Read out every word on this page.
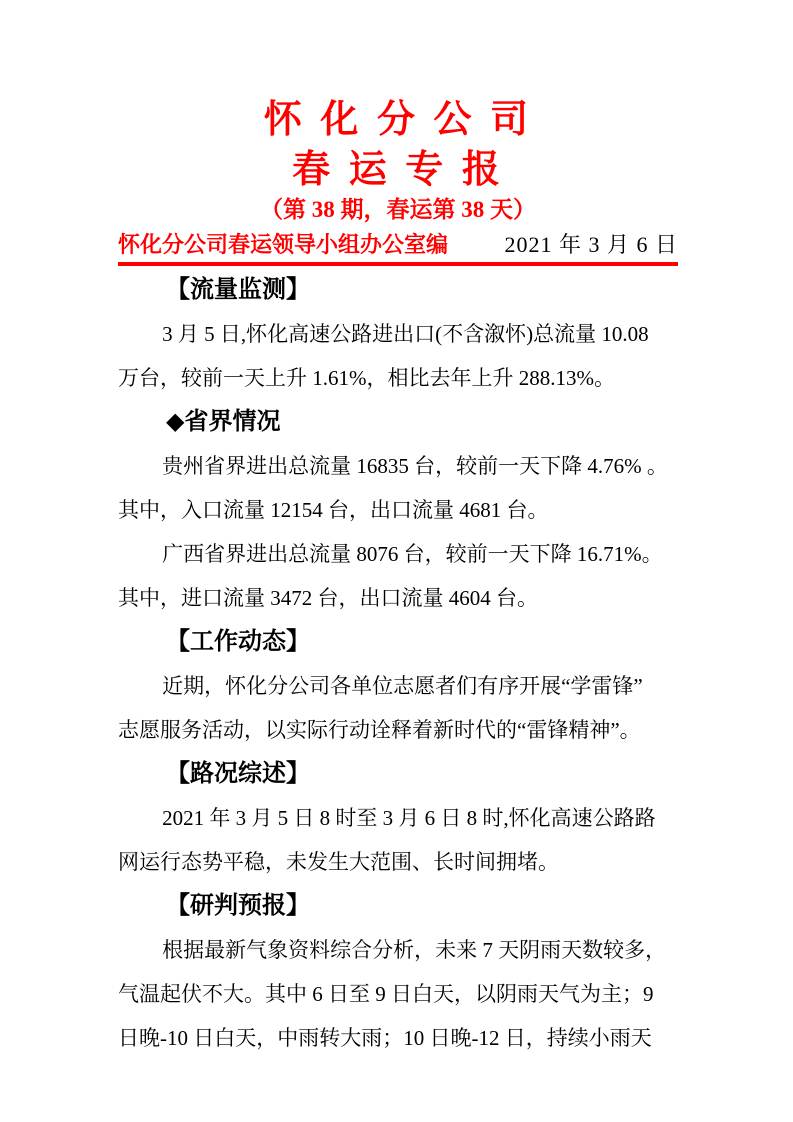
怀 化 分 公 司
春 运 专 报
（第 38 期，春运第 38 天）
怀化分公司春运领导小组办公室编	2021 年 3 月 6 日

【流量监测】

3 月 5 日,怀化高速公路进出口(不含溆怀)总流量 10.08

万台，较前一天上升 1.61%，相比去年上升 288.13%。

◆省界情况

贵州省界进出总流量 16835 台，较前一天下降 4.76% 。

其中，入口流量 12154 台，出口流量 4681 台。

广西省界进出总流量 8076 台，较前一天下降 16.71%。

其中，进口流量 3472 台，出口流量 4604 台。

【工作动态】

近期，怀化分公司各单位志愿者们有序开展“学雷锋”

志愿服务活动，以实际行动诠释着新时代的“雷锋精神”。

【路况综述】

2021 年 3 月 5 日 8 时至 3 月 6 日 8 时,怀化高速公路路

网运行态势平稳，未发生大范围、长时间拥堵。

【研判预报】

根据最新气象资料综合分析，未来 7 天阴雨天数较多，

气温起伏不大。其中 6 日至 9 日白天，以阴雨天气为主；9

日晚-10 日白天，中雨转大雨；10 日晚-12 日，持续小雨天
